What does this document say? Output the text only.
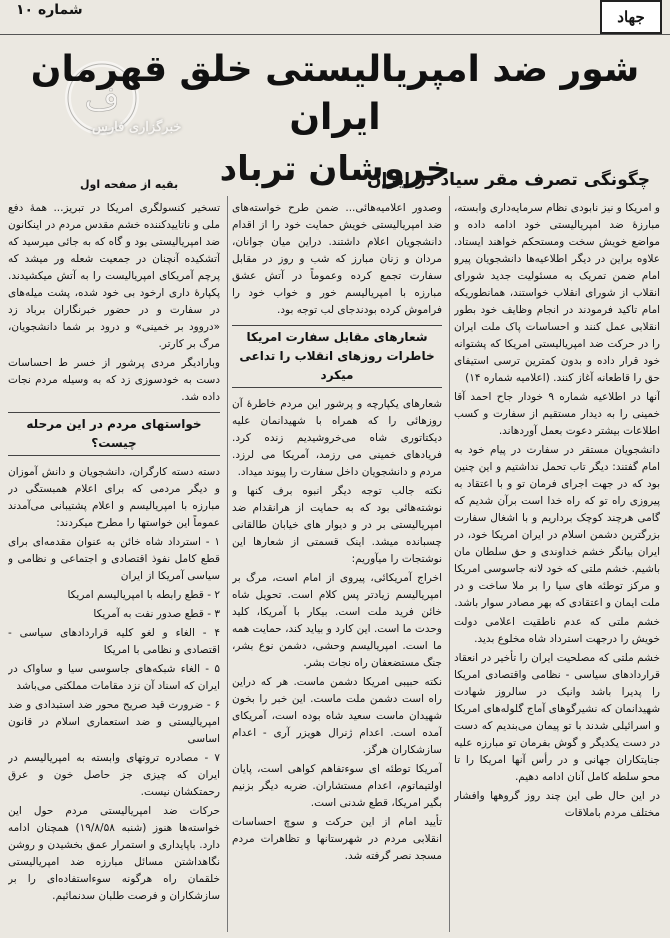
جهاد
شماره ۱۰
ف
خبرگزاری فارس
شور ضد امپریالیستی خلق قهرمان ایران
خروشان ترباد
بقیه از صفحه اول	چگونگی تصرف مقر سیاد در ایران

و امریکا و نیز نابودی نظام سرمایه‌داری وابسته، مبارزهٔ ضد امپریالیستی خود ادامه داده و مواضع خویش سخت ومستحکم خواهند ایستاد. علاوه براین در دیگر اطلاعیه‌ها دانشجویان پیرو امام ضمن تمریک به مسئولیت جدید شورای انقلاب از شورای انقلاب خواستند، همانطوریکه امام تاکید فرمودند در انجام وظایف خود بطور انقلابی عمل کنند و احساسات پاک ملت ایران را در حرکت ضد امپریالیستی امریکا که پشتوانه خود قرار داده و بدون کمترین ترسی استیفای حق را قاطعانه آغاز کنند. (اعلامیه شماره ۱۴)

آنها در اطلاعیه شماره ۹ خودار جاح احمد آقا خمینی را به دیدار مستقیم از سفارت و کسب اطلاعات بیشتر دعوت بعمل آوردهاند.

دانشجویان مستقر در سفارت در پیام خود به امام گفتند: دیگر تاب تحمل نداشتیم و این چنین بود که در جهت اجرای فرمان تو و با اعتقاد به پیروزی راه تو که راه خدا است برآن شدیم که گامی هرچند کوچک برداریم و با اشغال سفارت بزرگترین دشمن اسلام در ایران امریکا خود، در ایران بیانگر خشم خداوندی و حق سلطان مان باشیم. خشم ملتی که خود لانه جاسوسی امریکا و مرکز توطئه های سیا را بر ملا ساخت و در ملت ایمان و اعتقادی که بهر مصادر سوار باشد.

خشم ملتی که عدم ناطقیت اعلامی دولت خویش را درجهت استرداد شاه مخلوع بدید.

خشم ملتی که مصلحیت ایران را تأخیر در انعقاد قراردادهای سیاسی - نظامی واقتصادی امریکا را پدیرا باشد وانیک در سالروز شهادت شهیدانمان که نشیرگوهای آماج گلوله‌های امریکا و اسرائیلی شدند با تو پیمان می‌بندیم که دست در دست یکدیگر و گوش بفرمان تو مبارزه علیه جنایتکاران جهانی و در رأس آنها امریکا را تا محو سلطه کامل آنان ادامه دهیم.

در این حال طی این چند روز گروهها وافشار مختلف مردم باملاقات

وصدور اعلامیه‌هائی... ضمن طرح خواسته‌های ضد امپریالیستی خویش حمایت خود را از اقدام دانشجویان اعلام داشتند. دراین میان جوانان، مردان و زنان مبارز که شب و روز در مقابل سفارت تجمع کرده وعموماً در آتش عشق مبارزه با امپریالیسم خور و خواب خود را فراموش کرده بودندجای لب توجه بود.

شعارهای مقابل سفارت امریکا خاطرات روزهای انقلاب را تداعی میکرد

شعارهای یکپارچه و پرشور این مردم خاطرهٔ آن روزهائی را که همراه با شهیدانمان علیه دیکتاتوری شاه می‌خروشیدیم زنده کرد. فریادهای خمینی می رزمد، آمریکا می لرزد. مردم و دانشجویان داخل سفارت را پیوند میداد.

نکته جالب توجه دیگر انبوه برف کنها و نوشته‌هائی بود که به حمایت از هرانقدام ضد امپریالیستی بر در و دیوار های خیابان طالقانی چسبانده میشد. اینک قسمتی از شعارها این نوشتجات را میآوریم:

اخراج آمریکائی، پیروی از امام است، مرگ بر امپریالیسم زیادتر پس کلام است. تحویل شاه خائن فرید ملت است. بیکار با آمریکا، کلید وحدت ما است. این کارد و بیاید کند، حمایت همه ما است. امپریالیسم وحشی، دشمن نوع بشر، جنگ مستضعفان راه نجات بشر.

نکته حبیبی امریکا دشمن ماست. هر که دراین راه است دشمن ملت ماست. این خبر را بخون شهیدان ماست سعید شاه بوده است، آمریکای آمده است. اعدام ژنرال هویزر آری - اعدام سازشکاران هرگز.

آمریکا توطئه ای سوءتفاهم کواهی است، پایان اولتیماتوم، اعدام مستشاران. ضربه دیگر بزنیم بگیر امریکا، قطع شدنی است.

تأیید امام از این حرکت و سوچ احساسات انقلابی مردم در شهرستانها و تظاهرات مردم مسجد نصر گرفته شد.

تسخیر کنسولگری امریکا در تبریز... همهٔ دفع ملی و ناتاییدکننده خشم مقدس مردم در اینکانون ضد امپریالیستی بود و گاه که به جائی میرسید که آتشکیده آنچنان در جمعیت شعله ور میشد که پرچم آمریکای امپریالیست را به آتش میکشیدند. پکپارهٔ داری ارخود بی خود شده، پشت میله‌های در سفارت و در حضور خبرنگاران برباد زد «دروود بر خمینی» و درود بر شما دانشجویان، مرگ بر کارتر.

وبارادیگر مردی پرشور از خسر ط احساسات دست به خودسوزی زد که به وسیله مردم نجات داده شد.

خواستهای مردم در این مرحله چیست؟

دسته دسته کارگران، دانشجویان و دانش آموزان و دیگر مردمی که برای اعلام همبستگی در مبارزه با امپریالیسم و اعلام پشتیبانی می‌آمدند عموماً این خواستها را مطرح میکردند:

۱ - استرداد شاه خائن به عنوان مقدمه‌ای برای قطع کامل نفوذ اقتصادی و اجتماعی و نظامی و سیاسی آمریکا از ایران

۲ - قطع رابطه با امپریالیسم امریکا

۳ - قطع صدور نفت به آمریکا

۴ - الغاء و لغو کلیه قراردادهای سیاسی - اقتصادی و نظامی با امریکا

۵ - الغاء شبکه‌های جاسوسی سیا و ساواک در ایران که اسناد آن نزد مقامات مملکتی می‌باشد

۶ - ضرورت قید صریح محور ضد استبدادی و ضد امپریالیستی و ضد استعماری اسلام در قانون اساسی

۷ - مصادره تروتهای وابسته به امپریالیسم در ایران که چیزی جز حاصل خون و عرق رحمتکشان نیست.

حرکات ضد امپریالیستی مردم حول این خواسته‌ها هنوز (شنبه ۱۹/۸/۵۸) همچنان ادامه دارد. باپایداری و استمرار عمق بخشیدن و روشن نگاهداشتن مسائل مبارزه ضد امپریالیستی خلقمان راه هرگونه سوءاستفاده‌ای را بر سازشکاران و فرصت طلبان سدنمائیم.
